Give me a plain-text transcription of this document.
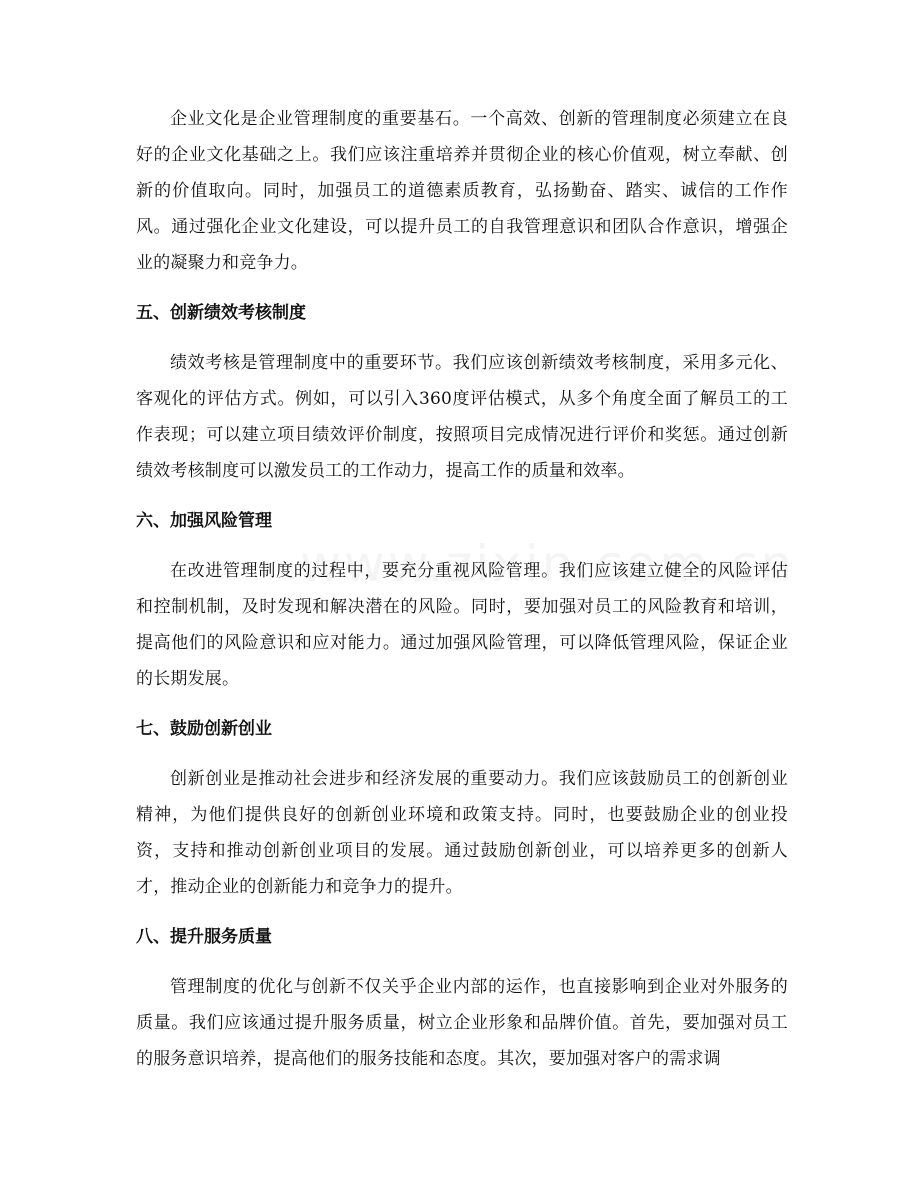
企业文化是企业管理制度的重要基石。一个高效、创新的管理制度必须建立在良好的企业文化基础之上。我们应该注重培养并贯彻企业的核心价值观，树立奉献、创新的价值取向。同时，加强员工的道德素质教育，弘扬勤奋、踏实、诚信的工作作风。通过强化企业文化建设，可以提升员工的自我管理意识和团队合作意识，增强企业的凝聚力和竞争力。

五、创新绩效考核制度

绩效考核是管理制度中的重要环节。我们应该创新绩效考核制度，采用多元化、客观化的评估方式。例如，可以引入360度评估模式，从多个角度全面了解员工的工作表现；可以建立项目绩效评价制度，按照项目完成情况进行评价和奖惩。通过创新绩效考核制度可以激发员工的工作动力，提高工作的质量和效率。

六、加强风险管理

在改进管理制度的过程中，要充分重视风险管理。我们应该建立健全的风险评估和控制机制，及时发现和解决潜在的风险。同时，要加强对员工的风险教育和培训，提高他们的风险意识和应对能力。通过加强风险管理，可以降低管理风险，保证企业的长期发展。

七、鼓励创新创业

创新创业是推动社会进步和经济发展的重要动力。我们应该鼓励员工的创新创业精神，为他们提供良好的创新创业环境和政策支持。同时，也要鼓励企业的创业投资，支持和推动创新创业项目的发展。通过鼓励创新创业，可以培养更多的创新人才，推动企业的创新能力和竞争力的提升。

八、提升服务质量

管理制度的优化与创新不仅关乎企业内部的运作，也直接影响到企业对外服务的质量。我们应该通过提升服务质量，树立企业形象和品牌价值。首先，要加强对员工的服务意识培养，提高他们的服务技能和态度。其次，要加强对客户的需求调
